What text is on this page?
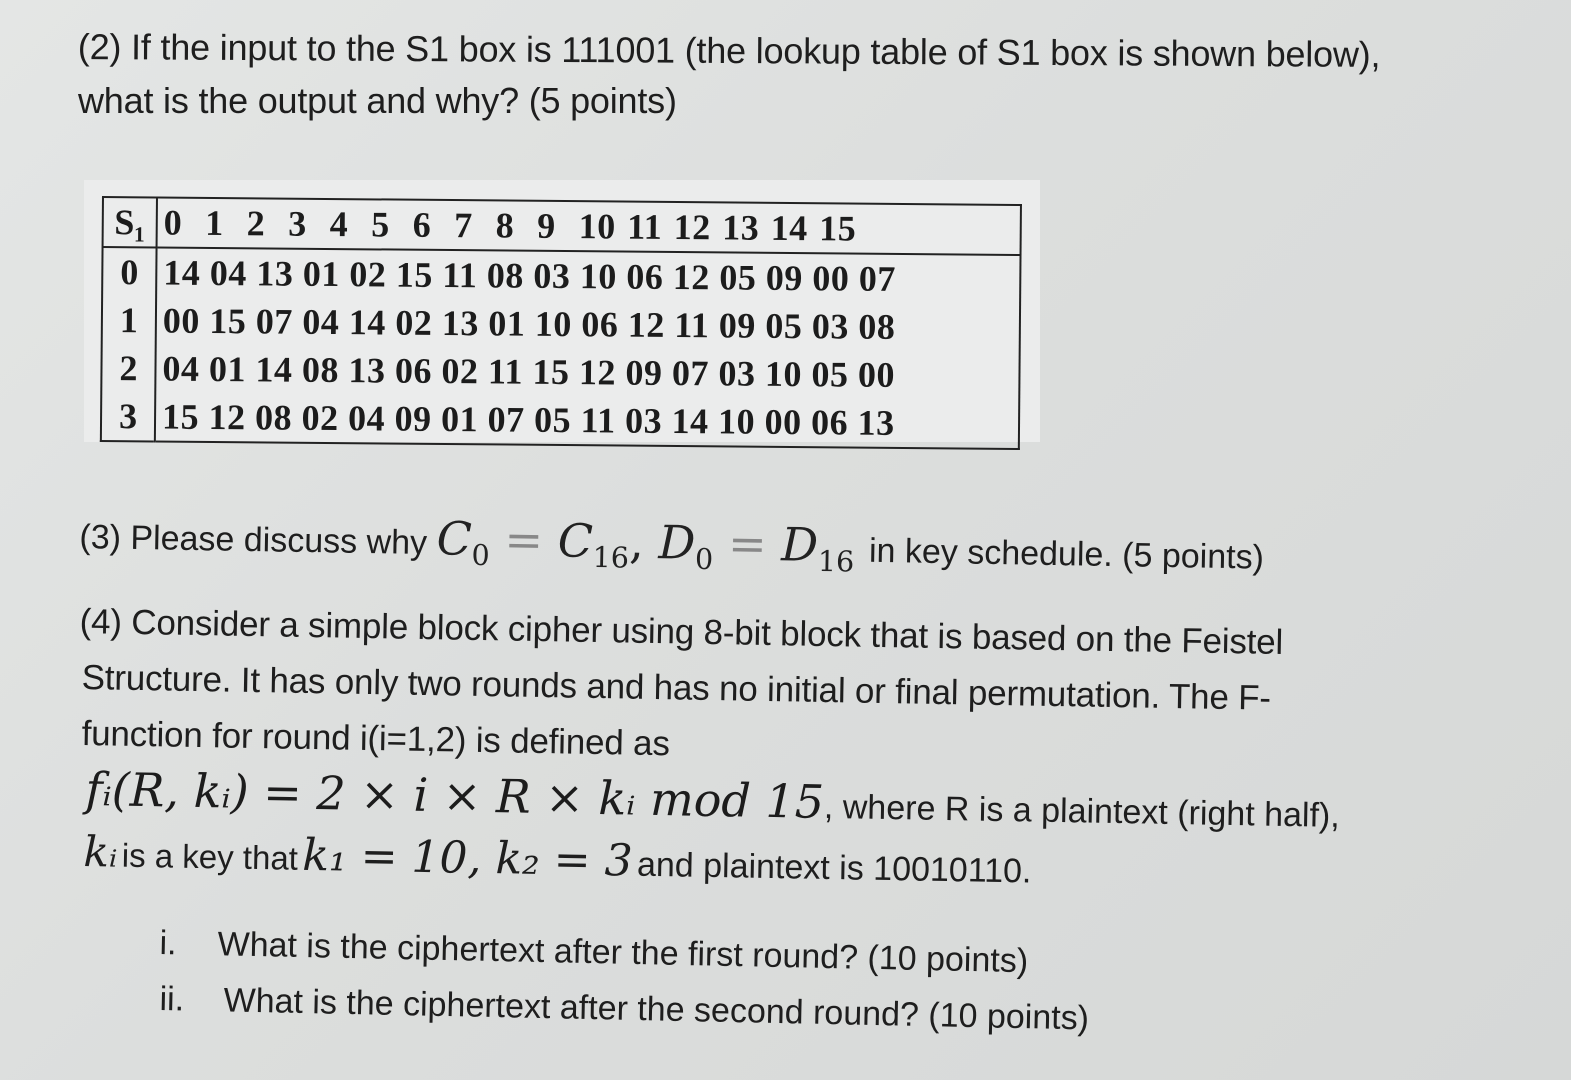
(2) If the input to the S1 box is 111001 (the lookup table of S1 box is shown below),
what is the output and why? (5 points)
S₁	0  1  2  3  4  5  6  7  8  9  10 11 12 13 14 15
0	14 04 13 01 02 15 11 08 03 10 06 12 05 09 00 07
1	00 15 07 04 14 02 13 01 10 06 12 11 09 05 03 08
2	04 01 14 08 13 06 02 11 15 12 09 07 03 10 05 00
3	15 12 08 02 04 09 01 07 05 11 03 14 10 00 06 13
(3) Please discuss why $C_0 = C_{16}$, $D_0 = D_{16}$ in key schedule. (5 points)
(4) Consider a simple block cipher using 8-bit block that is based on the Feistel
Structure. It has only two rounds and has no initial or final permutation. The F-
function for round i(i=1,2) is defined as
fᵢ(R, kᵢ) = 2 × i × R × kᵢ mod 15, where R is a plaintext (right half),
kᵢ is a key that k₁ = 10, k₂ = 3 and plaintext is 10010110.
i. What is the ciphertext after the first round? (10 points)
ii. What is the ciphertext after the second round? (10 points)
